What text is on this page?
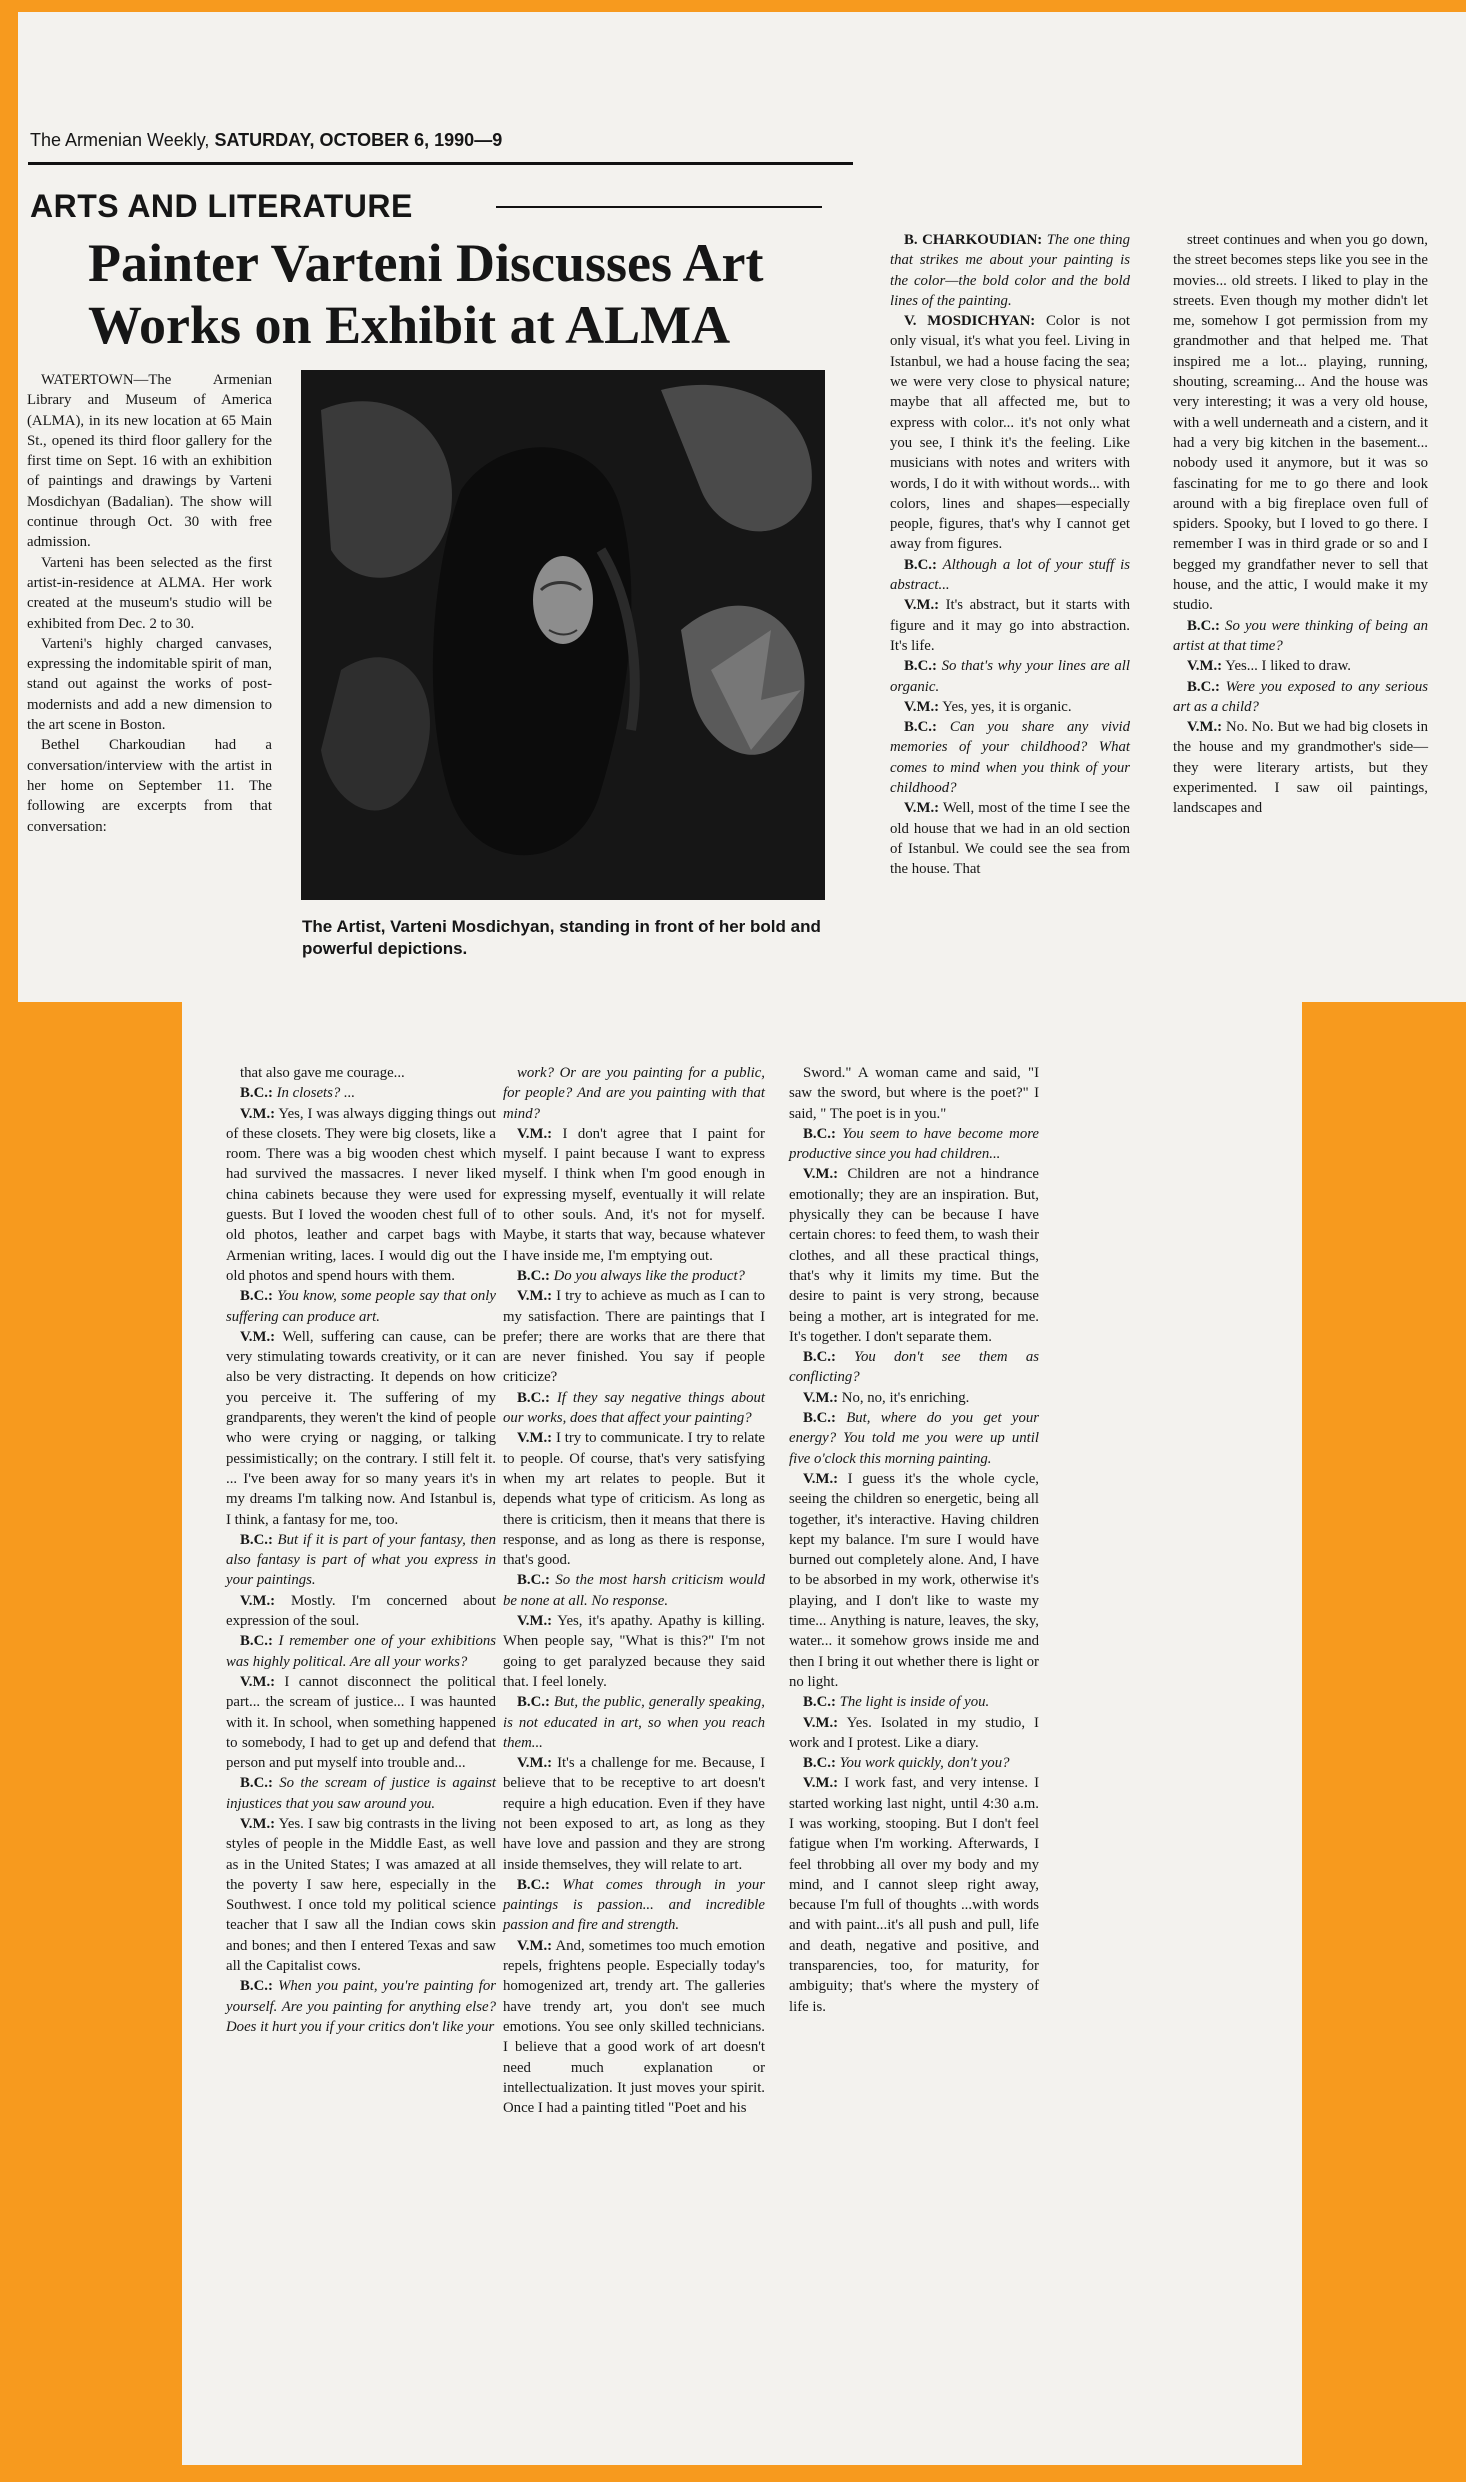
The Armenian Weekly, SATURDAY, OCTOBER 6, 1990—9
ARTS AND LITERATURE
Painter Varteni Discusses Art Works on Exhibit at ALMA

WATERTOWN—The Armenian Library and Museum of America (ALMA), in its new location at 65 Main St., opened its third floor gallery for the first time on Sept. 16 with an exhibition of paintings and drawings by Varteni Mosdichyan (Badalian). The show will continue through Oct. 30 with free admission.

Varteni has been selected as the first artist-in-residence at ALMA. Her work created at the museum's studio will be exhibited from Dec. 2 to 30.

Varteni's highly charged canvases, expressing the indomitable spirit of man, stand out against the works of post-modernists and add a new dimension to the art scene in Boston.

Bethel Charkoudian had a conversation/interview with the artist in her home on September 11. The following are excerpts from that conversation:

The Artist, Varteni Mosdichyan, standing in front of her bold and powerful depictions.

B. CHARKOUDIAN: The one thing that strikes me about your painting is the color—the bold color and the bold lines of the painting.

V. MOSDICHYAN: Color is not only visual, it's what you feel. Living in Istanbul, we had a house facing the sea; we were very close to physical nature; maybe that all affected me, but to express with color... it's not only what you see, I think it's the feeling. Like musicians with notes and writers with words, I do it with without words... with colors, lines and shapes—especially people, figures, that's why I cannot get away from figures.

B.C.: Although a lot of your stuff is abstract...

V.M.: It's abstract, but it starts with figure and it may go into abstraction. It's life.

B.C.: So that's why your lines are all organic.

V.M.: Yes, yes, it is organic.

B.C.: Can you share any vivid memories of your childhood? What comes to mind when you think of your childhood?

V.M.: Well, most of the time I see the old house that we had in an old section of Istanbul. We could see the sea from the house. That

street continues and when you go down, the street becomes steps like you see in the movies... old streets. I liked to play in the streets. Even though my mother didn't let me, somehow I got permission from my grandmother and that helped me. That inspired me a lot... playing, running, shouting, screaming... And the house was very interesting; it was a very old house, with a well underneath and a cistern, and it had a very big kitchen in the basement... nobody used it anymore, but it was so fascinating for me to go there and look around with a big fireplace oven full of spiders. Spooky, but I loved to go there. I remember I was in third grade or so and I begged my grandfather never to sell that house, and the attic, I would make it my studio.

B.C.: So you were thinking of being an artist at that time?

V.M.: Yes... I liked to draw.

B.C.: Were you exposed to any serious art as a child?

V.M.: No. No. But we had big closets in the house and my grandmother's side—they were literary artists, but they experimented. I saw oil paintings, landscapes and

that also gave me courage...

B.C.: In closets? ...

V.M.: Yes, I was always digging things out of these closets. They were big closets, like a room. There was a big wooden chest which had survived the massacres. I never liked china cabinets because they were used for guests. But I loved the wooden chest full of old photos, leather and carpet bags with Armenian writing, laces. I would dig out the old photos and spend hours with them.

B.C.: You know, some people say that only suffering can produce art.

V.M.: Well, suffering can cause, can be very stimulating towards creativity, or it can also be very distracting. It depends on how you perceive it. The suffering of my grandparents, they weren't the kind of people who were crying or nagging, or talking pessimistically; on the contrary. I still felt it. ... I've been away for so many years it's in my dreams I'm talking now. And Istanbul is, I think, a fantasy for me, too.

B.C.: But if it is part of your fantasy, then also fantasy is part of what you express in your paintings.

V.M.: Mostly. I'm concerned about expression of the soul.

B.C.: I remember one of your exhibitions was highly political. Are all your works?

V.M.: I cannot disconnect the political part... the scream of justice... I was haunted with it. In school, when something happened to somebody, I had to get up and defend that person and put myself into trouble and...

B.C.: So the scream of justice is against injustices that you saw around you.

V.M.: Yes. I saw big contrasts in the living styles of people in the Middle East, as well as in the United States; I was amazed at all the poverty I saw here, especially in the Southwest. I once told my political science teacher that I saw all the Indian cows skin and bones; and then I entered Texas and saw all the Capitalist cows.

B.C.: When you paint, you're painting for yourself. Are you painting for anything else? Does it hurt you if your critics don't like your

work? Or are you painting for a public, for people? And are you painting with that mind?

V.M.: I don't agree that I paint for myself. I paint because I want to express myself. I think when I'm good enough in expressing myself, eventually it will relate to other souls. And, it's not for myself. Maybe, it starts that way, because whatever I have inside me, I'm emptying out.

B.C.: Do you always like the product?

V.M.: I try to achieve as much as I can to my satisfaction. There are paintings that I prefer; there are works that are there that are never finished. You say if people criticize?

B.C.: If they say negative things about our works, does that affect your painting?

V.M.: I try to communicate. I try to relate to people. Of course, that's very satisfying when my art relates to people. But it depends what type of criticism. As long as there is criticism, then it means that there is response, and as long as there is response, that's good.

B.C.: So the most harsh criticism would be none at all. No response.

V.M.: Yes, it's apathy. Apathy is killing. When people say, "What is this?" I'm not going to get paralyzed because they said that. I feel lonely.

B.C.: But, the public, generally speaking, is not educated in art, so when you reach them...

V.M.: It's a challenge for me. Because, I believe that to be receptive to art doesn't require a high education. Even if they have not been exposed to art, as long as they have love and passion and they are strong inside themselves, they will relate to art.

B.C.: What comes through in your paintings is passion... and incredible passion and fire and strength.

V.M.: And, sometimes too much emotion repels, frightens people. Especially today's homogenized art, trendy art. The galleries have trendy art, you don't see much emotions. You see only skilled technicians. I believe that a good work of art doesn't need much explanation or intellectualization. It just moves your spirit. Once I had a painting titled "Poet and his

Sword." A woman came and said, "I saw the sword, but where is the poet?" I said, " The poet is in you."

B.C.: You seem to have become more productive since you had children...

V.M.: Children are not a hindrance emotionally; they are an inspiration. But, physically they can be because I have certain chores: to feed them, to wash their clothes, and all these practical things, that's why it limits my time. But the desire to paint is very strong, because being a mother, art is integrated for me. It's together. I don't separate them.

B.C.: You don't see them as conflicting?

V.M.: No, no, it's enriching.

B.C.: But, where do you get your energy? You told me you were up until five o'clock this morning painting.

V.M.: I guess it's the whole cycle, seeing the children so energetic, being all together, it's interactive. Having children kept my balance. I'm sure I would have burned out completely alone. And, I have to be absorbed in my work, otherwise it's playing, and I don't like to waste my time... Anything is nature, leaves, the sky, water... it somehow grows inside me and then I bring it out whether there is light or no light.

B.C.: The light is inside of you.

V.M.: Yes. Isolated in my studio, I work and I protest. Like a diary.

B.C.: You work quickly, don't you?

V.M.: I work fast, and very intense. I started working last night, until 4:30 a.m. I was working, stooping. But I don't feel fatigue when I'm working. Afterwards, I feel throbbing all over my body and my mind, and I cannot sleep right away, because I'm full of thoughts ...with words and with paint...it's all push and pull, life and death, negative and positive, and transparencies, too, for maturity, for ambiguity; that's where the mystery of life is.
